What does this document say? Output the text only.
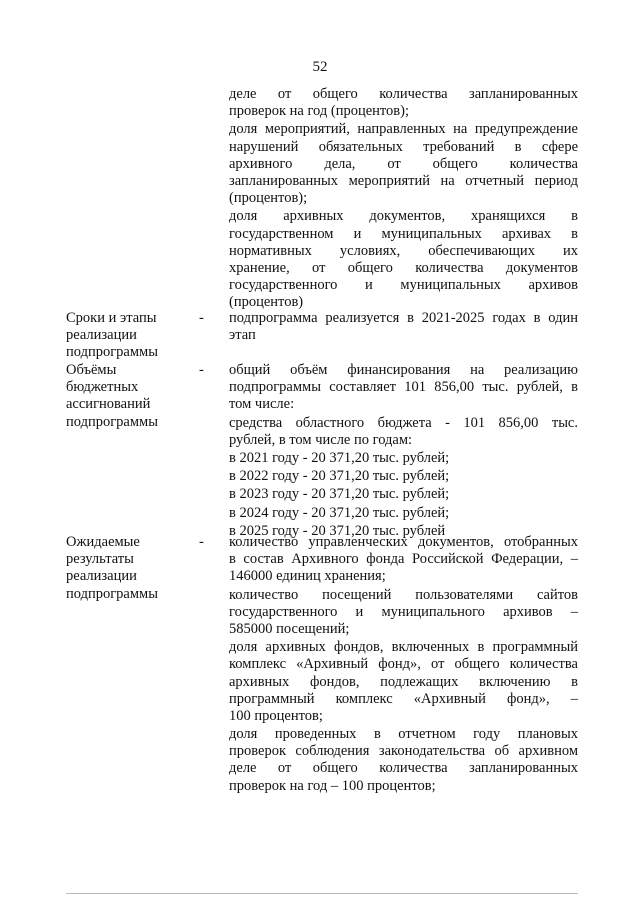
52
деле от общего количества запланированных
проверок на год (процентов);
доля мероприятий, направленных на предупреждение
нарушений обязательных требований в сфере
архивного дела, от общего количества
запланированных мероприятий на отчетный период
(процентов);
доля архивных документов, хранящихся в
государственном и муниципальных архивах в
нормативных условиях, обеспечивающих их
хранение, от общего количества документов
государственного и муниципальных архивов
(процентов)
Сроки и этапы
реализации
подпрограммы
-	подпрограмма реализуется в 2021-2025 годах в один
этап
Объёмы
бюджетных
ассигнований
подпрограммы
-	общий объём финансирования на реализацию
подпрограммы составляет 101 856,00 тыс. рублей, в
том числе:
средства областного бюджета - 101 856,00 тыс.
рублей, в том числе по годам:
в 2021 году - 20 371,20 тыс. рублей;
в 2022 году - 20 371,20 тыс. рублей;
в 2023 году - 20 371,20 тыс. рублей;
в 2024 году - 20 371,20 тыс. рублей;
в 2025 году - 20 371,20 тыс. рублей
Ожидаемые
результаты
реализации
подпрограммы
-	количество управленческих документов, отобранных
в состав Архивного фонда Российской Федерации, –
146000 единиц хранения;
количество посещений пользователями сайтов
государственного и муниципального архивов –
585000 посещений;
доля архивных фондов, включенных в программный
комплекс «Архивный фонд», от общего количества
архивных фондов, подлежащих включению в
программный комплекс «Архивный фонд», –
100 процентов;
доля проведенных в отчетном году плановых
проверок соблюдения законодательства об архивном
деле от общего количества запланированных
проверок на год – 100 процентов;
